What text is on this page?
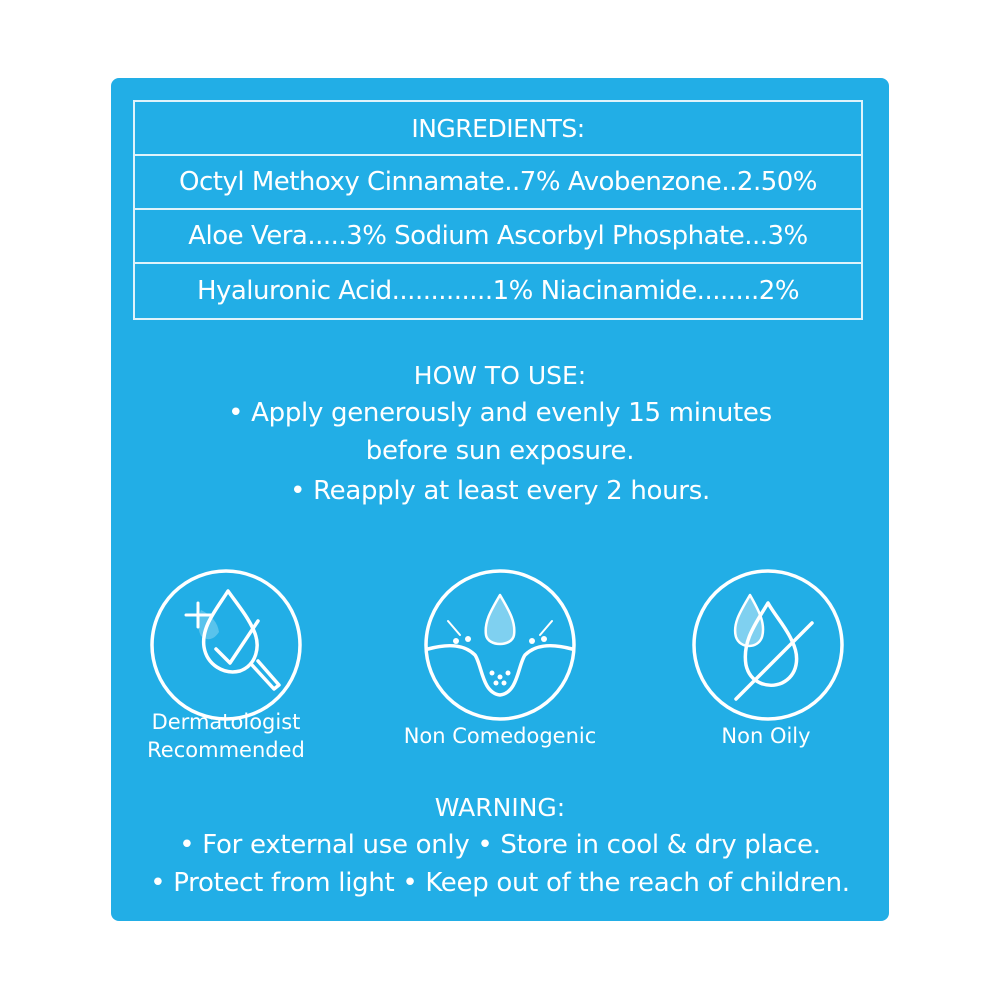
INGREDIENTS:
Octyl Methoxy Cinnamate..7% Avobenzone..2.50%
Aloe Vera.....3% Sodium Ascorbyl Phosphate...3%
Hyaluronic Acid.............1% Niacinamide........2%
HOW TO USE:
• Apply generously and evenly 15 minutes
before sun exposure.
• Reapply at least every 2 hours.
Dermatologist
Recommended
Non Comedogenic	Non Oily
WARNING:
• For external use only • Store in cool & dry place.
• Protect from light • Keep out of the reach of children.
